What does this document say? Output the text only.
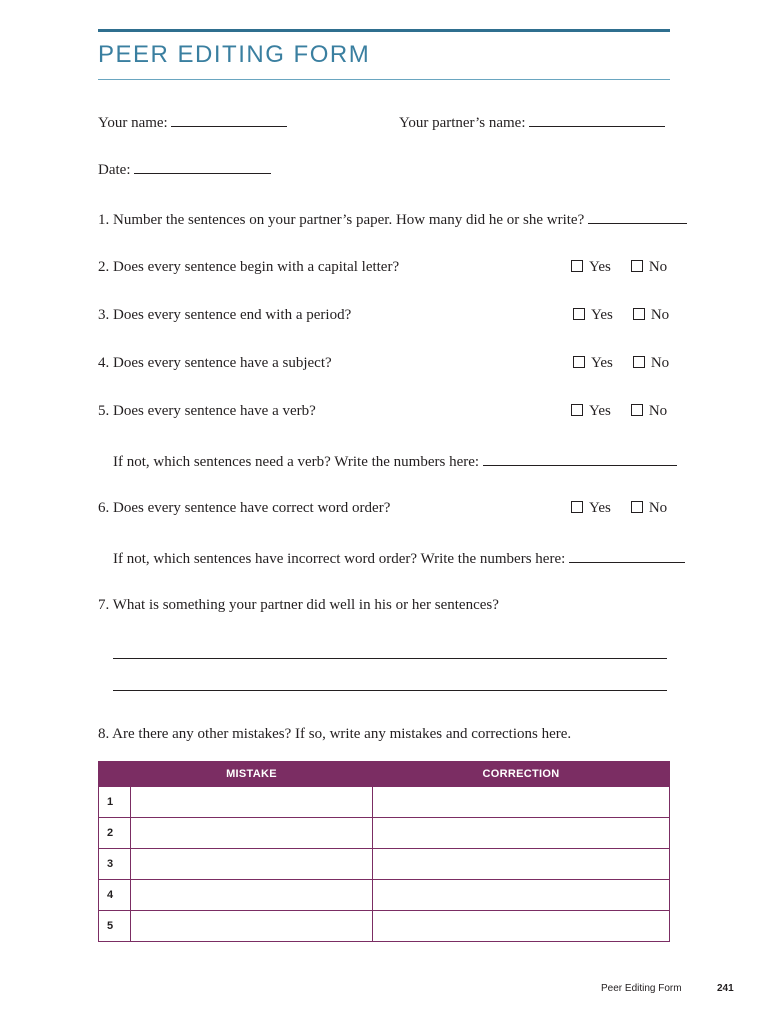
PEER EDITING FORM
Your name:	Your partner’s name:
Date:
1. Number the sentences on your partner’s paper. How many did he or she write?
2. Does every sentence begin with a capital letter?	Yes	No
3. Does every sentence end with a period?	Yes	No
4. Does every sentence have a subject?	Yes	No
5. Does every sentence have a verb?	Yes	No
If not, which sentences need a verb? Write the numbers here:
6. Does every sentence have correct word order?	Yes	No
If not, which sentences have incorrect word order? Write the numbers here:
7. What is something your partner did well in his or her sentences?
8. Are there any other mistakes? If so, write any mistakes and corrections here.
	MISTAKE	CORRECTION
1		
2		
3		
4		
5		
Peer Editing Form	241
